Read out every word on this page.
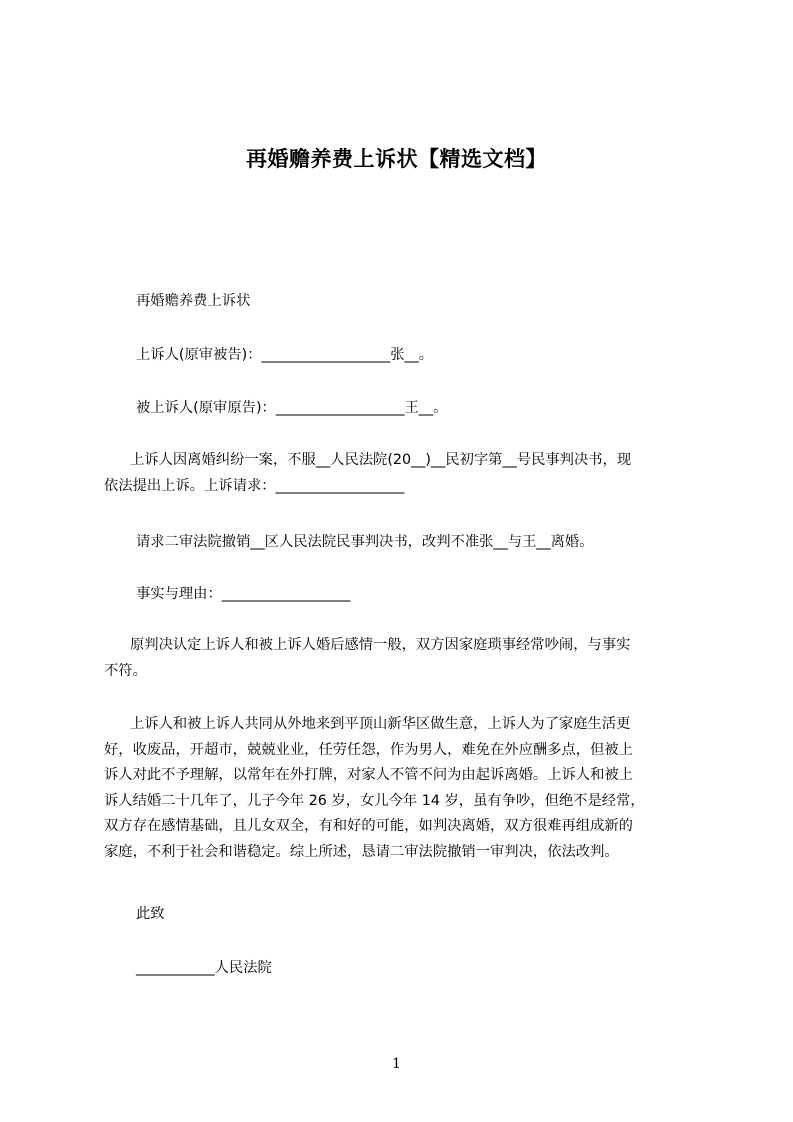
再婚赡养费上诉状【精选文档】
再婚赡养费上诉状
上诉人(原审被告)：__________________张__。
被上诉人(原审原告)：__________________王__。
上诉人因离婚纠纷一案，不服__人民法院(20__)__民初字第__号民事判决书，现
依法提出上诉。上诉请求：__________________
请求二审法院撤销__区人民法院民事判决书，改判不准张__与王__离婚。
事实与理由：__________________
原判决认定上诉人和被上诉人婚后感情一般，双方因家庭琐事经常吵闹，与事实
不符。
上诉人和被上诉人共同从外地来到平顶山新华区做生意，上诉人为了家庭生活更
好，收废品，开超市，兢兢业业，任劳任怨，作为男人，难免在外应酬多点，但被上
诉人对此不予理解，以常年在外打牌，对家人不管不问为由起诉离婚。上诉人和被上
诉人结婚二十几年了，儿子今年 26 岁，女儿今年 14 岁，虽有争吵，但绝不是经常，
双方存在感情基础，且儿女双全，有和好的可能，如判决离婚，双方很难再组成新的
家庭，不利于社会和谐稳定。综上所述，恳请二审法院撤销一审判决，依法改判。
此致
___________人民法院
1
